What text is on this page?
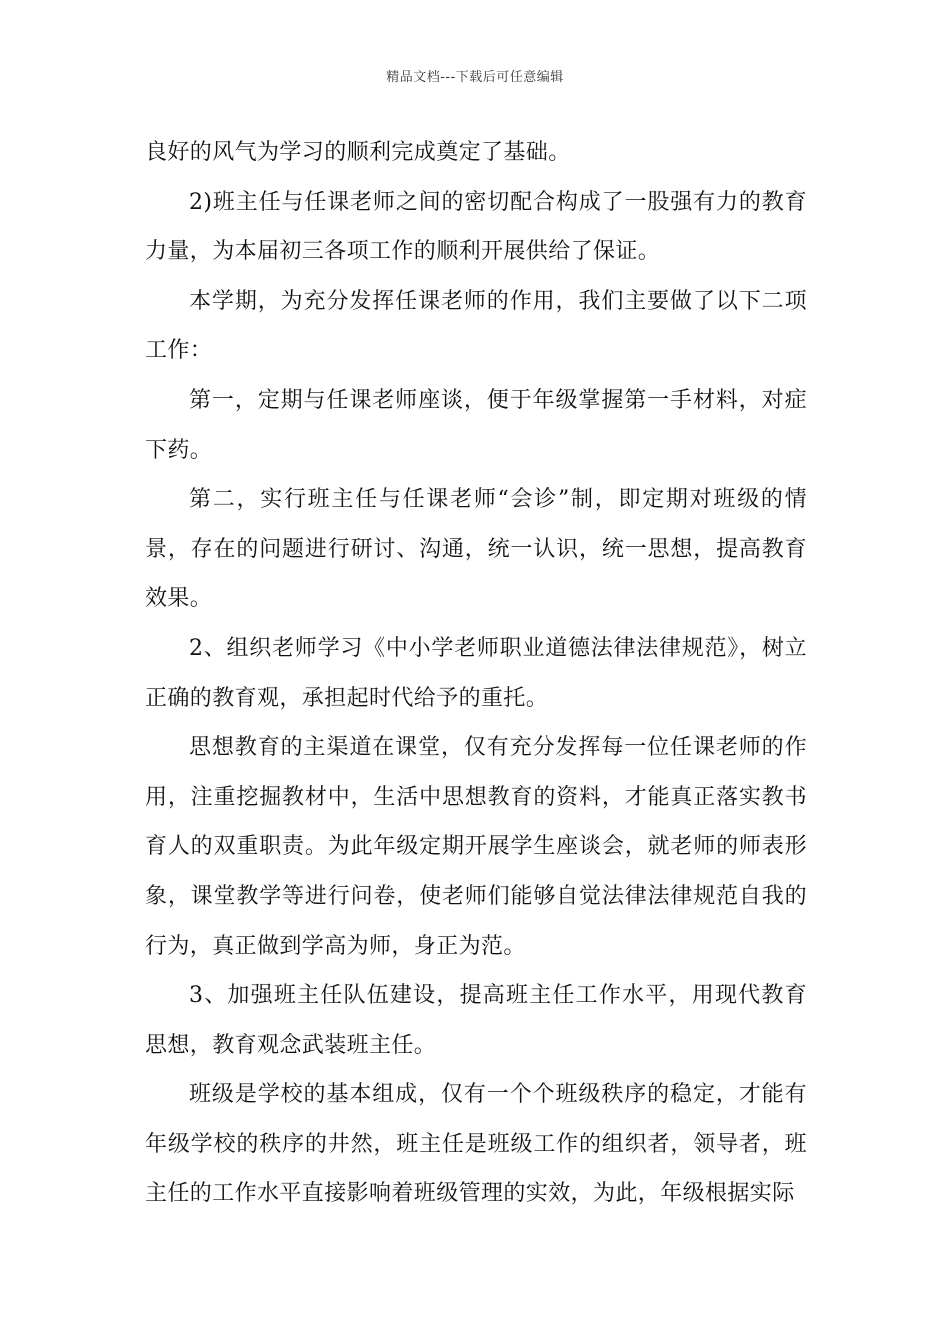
精品文档---下载后可任意编辑

良好的风气为学习的顺利完成奠定了基础。

2)班主任与任课老师之间的密切配合构成了一股强有力的教育力量，为本届初三各项工作的顺利开展供给了保证。

本学期，为充分发挥任课老师的作用，我们主要做了以下二项工作：

第一，定期与任课老师座谈，便于年级掌握第一手材料，对症下药。

第二，实行班主任与任课老师“会诊”制，即定期对班级的情景，存在的问题进行研讨、沟通，统一认识，统一思想，提高教育效果。

2、组织老师学习《中小学老师职业道德法律法律规范》，树立正确的教育观，承担起时代给予的重托。

思想教育的主渠道在课堂，仅有充分发挥每一位任课老师的作用，注重挖掘教材中，生活中思想教育的资料，才能真正落实教书育人的双重职责。为此年级定期开展学生座谈会，就老师的师表形象，课堂教学等进行问卷，使老师们能够自觉法律法律规范自我的行为，真正做到学高为师，身正为范。

3、加强班主任队伍建设，提高班主任工作水平，用现代教育思想，教育观念武装班主任。

班级是学校的基本组成，仅有一个个班级秩序的稳定，才能有年级学校的秩序的井然，班主任是班级工作的组织者，领导者，班主任的工作水平直接影响着班级管理的实效，为此，年级根据实际
